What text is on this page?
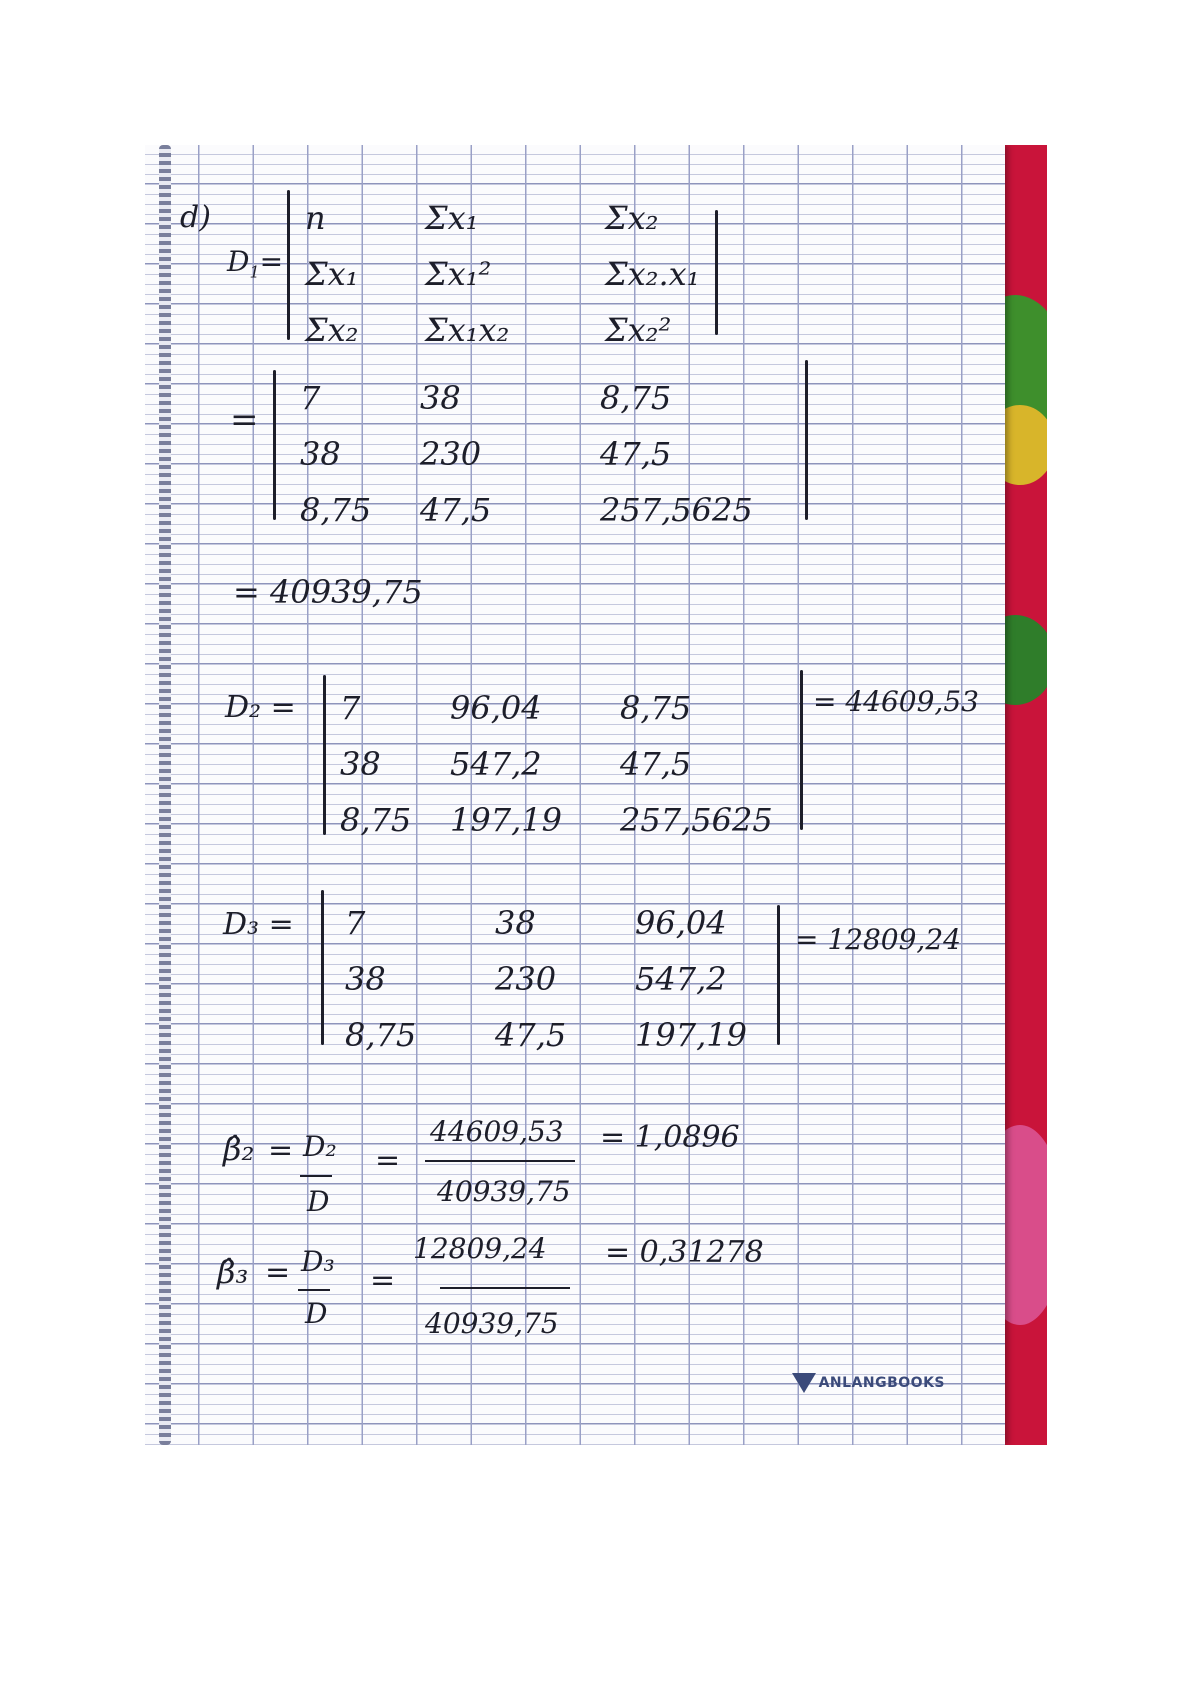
d)
$D_1=$
n	Σx₁	Σx₂
Σx₁	Σx₁²	Σx₂.x₁
Σx₂	Σx₁x₂	Σx₂²
=
7	38	8,75
38	230	47,5
8,75	47,5	257,5625
= 40939,75
D₂ = 7	96,04	8,75
38	547,2	47,5
8,75	197,19	257,5625
= 44609,53
D₃ = 7	38	96,04
38	230	547,2
8,75	47,5	197,19
= 12809,24
β̂₂ = D₂
D
=
44609,53
40939,75
= 1,0896
β̂₃ = D₃
D
=
12809,24
40939,75
= 0,31278
ANLANGBOOKS
